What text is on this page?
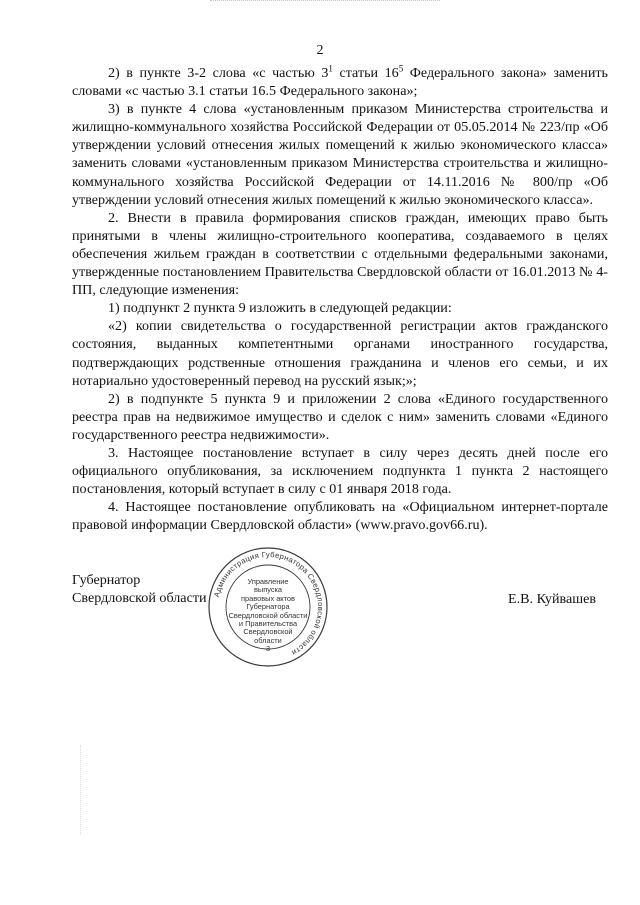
2

2) в пункте 3-2 слова «с частью $3^1$ статьи $16^5$ Федерального закона» заменить словами «с частью 3.1 статьи 16.5 Федерального закона»;

3) в пункте 4 слова «установленным приказом Министерства строительства и жилищно-коммунального хозяйства Российской Федерации от 05.05.2014 № 223/пр «Об утверждении условий отнесения жилых помещений к жилью экономического класса» заменить словами «установленным приказом Министерства строительства и жилищно-коммунального хозяйства Российской Федерации от 14.11.2016 № 800/пр «Об утверждении условий отнесения жилых помещений к жилью экономического класса».

2. Внести в правила формирования списков граждан, имеющих право быть принятыми в члены жилищно-строительного кооператива, создаваемого в целях обеспечения жильем граждан в соответствии с отдельными федеральными законами, утвержденные постановлением Правительства Свердловской области от 16.01.2013 № 4-ПП, следующие изменения:

1) подпункт 2 пункта 9 изложить в следующей редакции:

«2) копии свидетельства о государственной регистрации актов гражданского состояния, выданных компетентными органами иностранного государства, подтверждающих родственные отношения гражданина и членов его семьи, и их нотариально удостоверенный перевод на русский язык;»;

2) в подпункте 5 пункта 9 и приложении 2 слова «Единого государственного реестра прав на недвижимое имущество и сделок с ним» заменить словами «Единого государственного реестра недвижимости».

3. Настоящее постановление вступает в силу через десять дней после его официального опубликования, за исключением подпункта 1 пункта 2 настоящего постановления, который вступает в силу с 01 января 2018 года.

4. Настоящее постановление опубликовать на «Официальном интернет-портале правовой информации Свердловской области» (www.pravo.gov66.ru).

Губернатор
Свердловской области Администрация Губернатора Свердловской области
Управление
выпуска
правовых актов
Губернатора
Свердловской области
и Правительства
Свердловской
области
3
Е.В. Куйвашев
